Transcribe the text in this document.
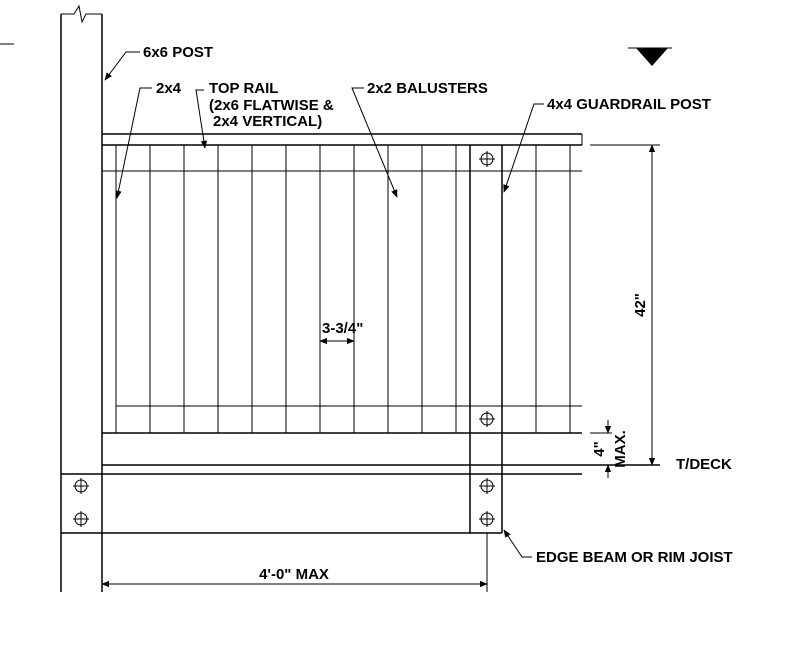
42"
4" MAX.	T/DECK
4'-0" MAX
3-3/4"
6x6 POST
2x4 TOP RAIL
(2x6 FLATWISE &
2x4 VERTICAL)
2x2 BALUSTERS
4x4 GUARDRAIL POST
EDGE BEAM OR RIM JOIST
